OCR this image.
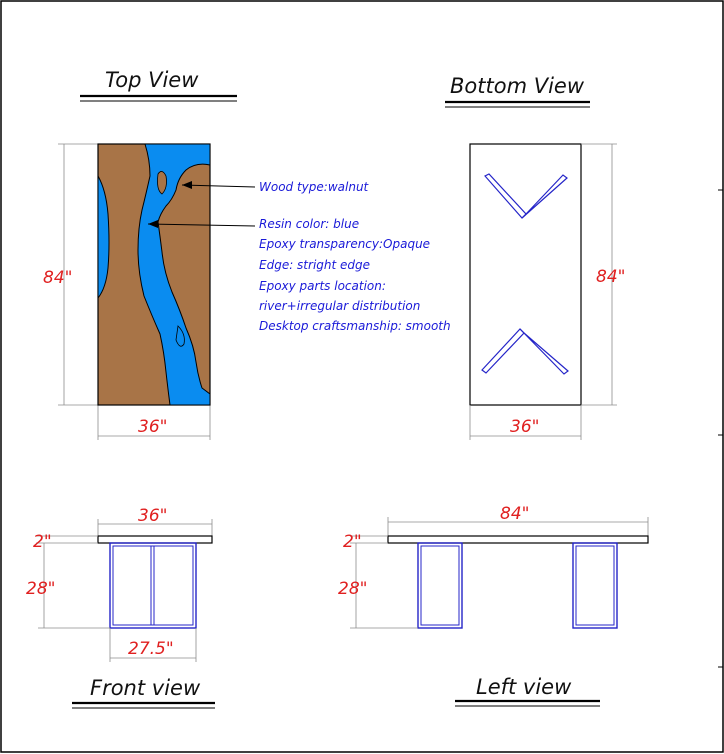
Top View
84"
36"
Wood type:walnut
Resin color: blue
Epoxy transparency:Opaque
Edge: stright edge
Epoxy parts location:
river+irregular distribution
Desktop craftsmanship: smooth
Bottom View
84"
36"
36"
2"
28"
27.5"
Front view
84"
2"
28"
Left view
